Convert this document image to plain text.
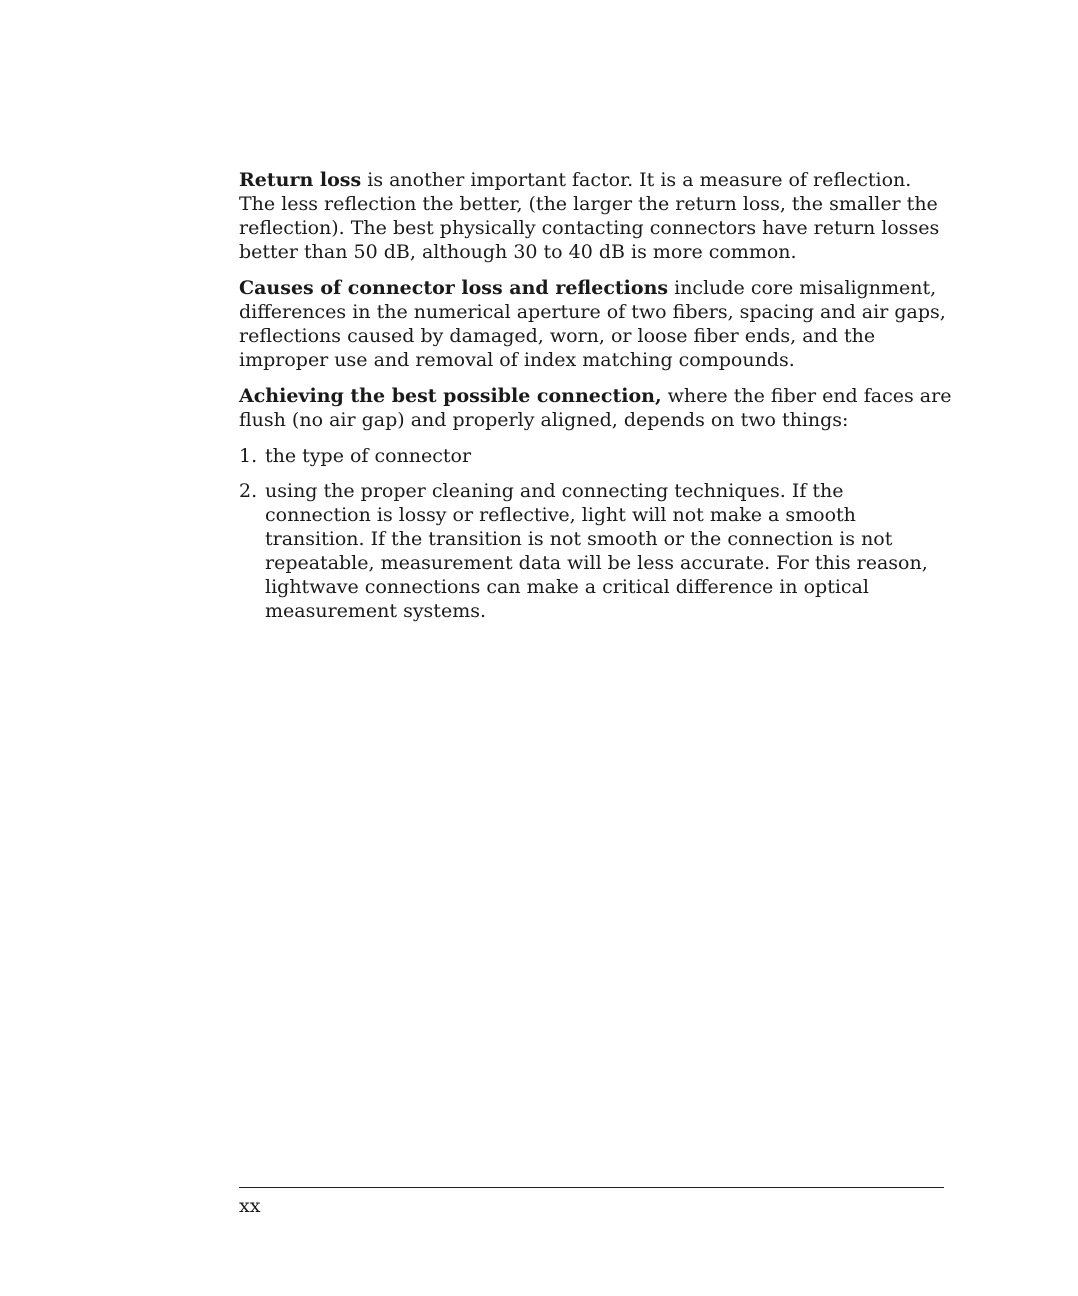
Return loss is another important factor. It is a measure of reflection. The less reflection the better, (the larger the return loss, the smaller the reflection). The best physically contacting connectors have return losses better than 50 dB, although 30 to 40 dB is more common.

Causes of connector loss and reflections include core misalignment, differences in the numerical aperture of two fibers, spacing and air gaps, reflections caused by damaged, worn, or loose fiber ends, and the improper use and removal of index matching compounds.

Achieving the best possible connection, where the fiber end faces are flush (no air gap) and properly aligned, depends on two things:

1. the type of connector
2. using the proper cleaning and connecting techniques. If the connection is lossy or reflective, light will not make a smooth transition. If the transition is not smooth or the connection is not repeatable, measurement data will be less accurate. For this reason, lightwave connections can make a critical difference in optical measurement systems.
xx
